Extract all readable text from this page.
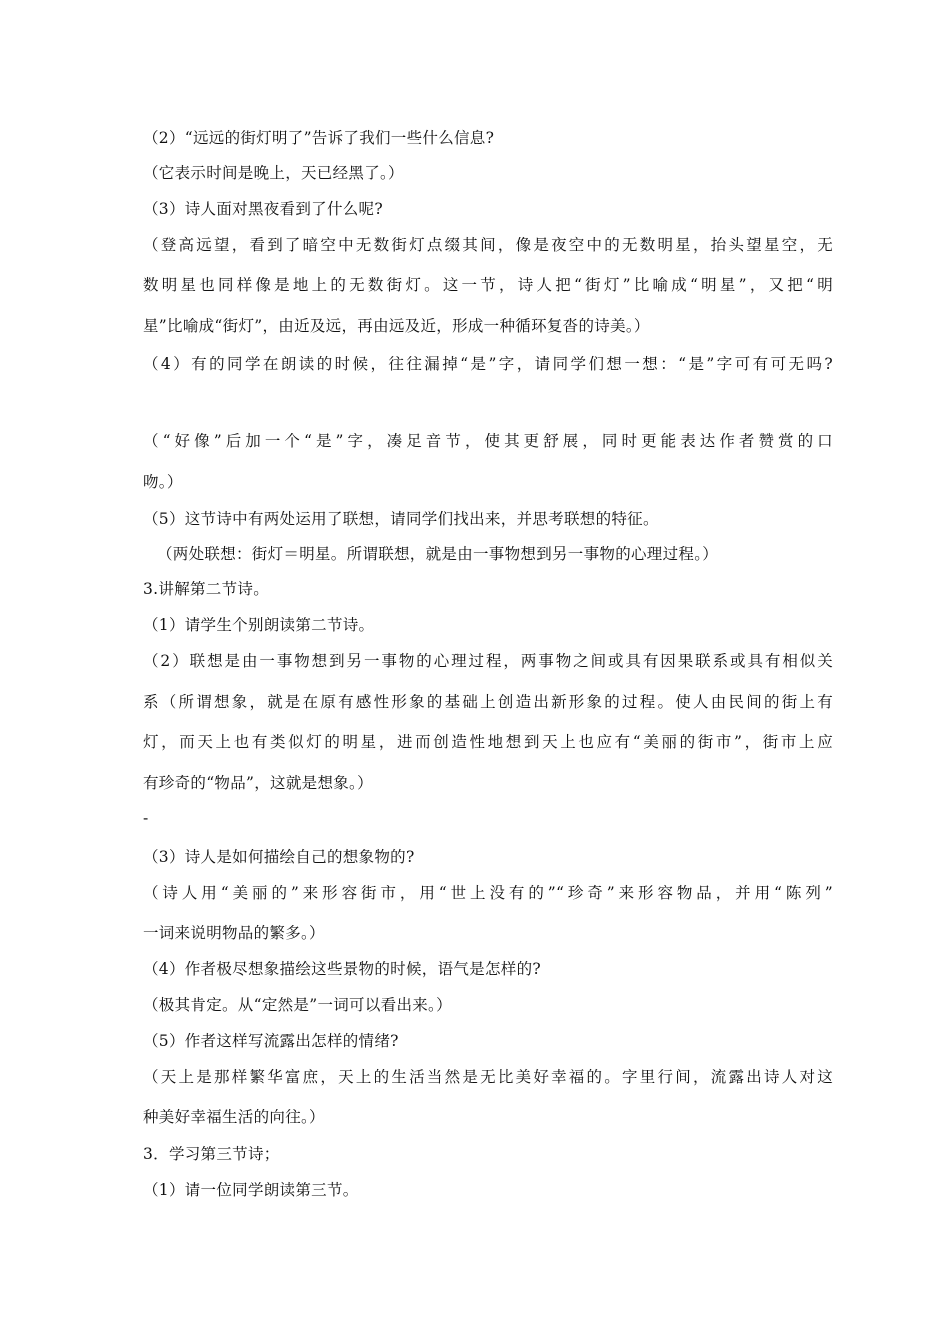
（2）“远远的街灯明了”告诉了我们一些什么信息?
（它表示时间是晚上，天已经黑了。）
（3）诗人面对黑夜看到了什么呢?
（登高远望，看到了暗空中无数街灯点缀其间，像是夜空中的无数明星，抬头望星空，无
数明星也同样像是地上的无数街灯。这一节，诗人把“街灯”比喻成“明星”，又把“明
星”比喻成“街灯”，由近及远，再由远及近，形成一种循环复沓的诗美。）
（4）有的同学在朗读的时候，往往漏掉“是”字，请同学们想一想：“是”字可有可无吗?
（“好像”后加一个“是”字，凑足音节，使其更舒展，同时更能表达作者赞赏的口
吻。）
（5）这节诗中有两处运用了联想，请同学们找出来，并思考联想的特征。
（两处联想：街灯＝明星。所谓联想，就是由一事物想到另一事物的心理过程。）
3.讲解第二节诗。
（1）请学生个别朗读第二节诗。
（2）联想是由一事物想到另一事物的心理过程，两事物之间或具有因果联系或具有相似关
系（所谓想象，就是在原有感性形象的基础上创造出新形象的过程。使人由民间的街上有
灯，而天上也有类似灯的明星，进而创造性地想到天上也应有“美丽的街市”，街市上应
有珍奇的“物品”，这就是想象。）
-
（3）诗人是如何描绘自己的想象物的?
（诗人用“美丽的”来形容街市，用“世上没有的”“珍奇”来形容物品，并用“陈列”
一词来说明物品的繁多。）
（4）作者极尽想象描绘这些景物的时候，语气是怎样的?
（极其肯定。从“定然是”一词可以看出来。）
（5）作者这样写流露出怎样的情绪?
（天上是那样繁华富庶，天上的生活当然是无比美好幸福的。字里行间，流露出诗人对这
种美好幸福生活的向往。）
3．学习第三节诗；
（1）请一位同学朗读第三节。
